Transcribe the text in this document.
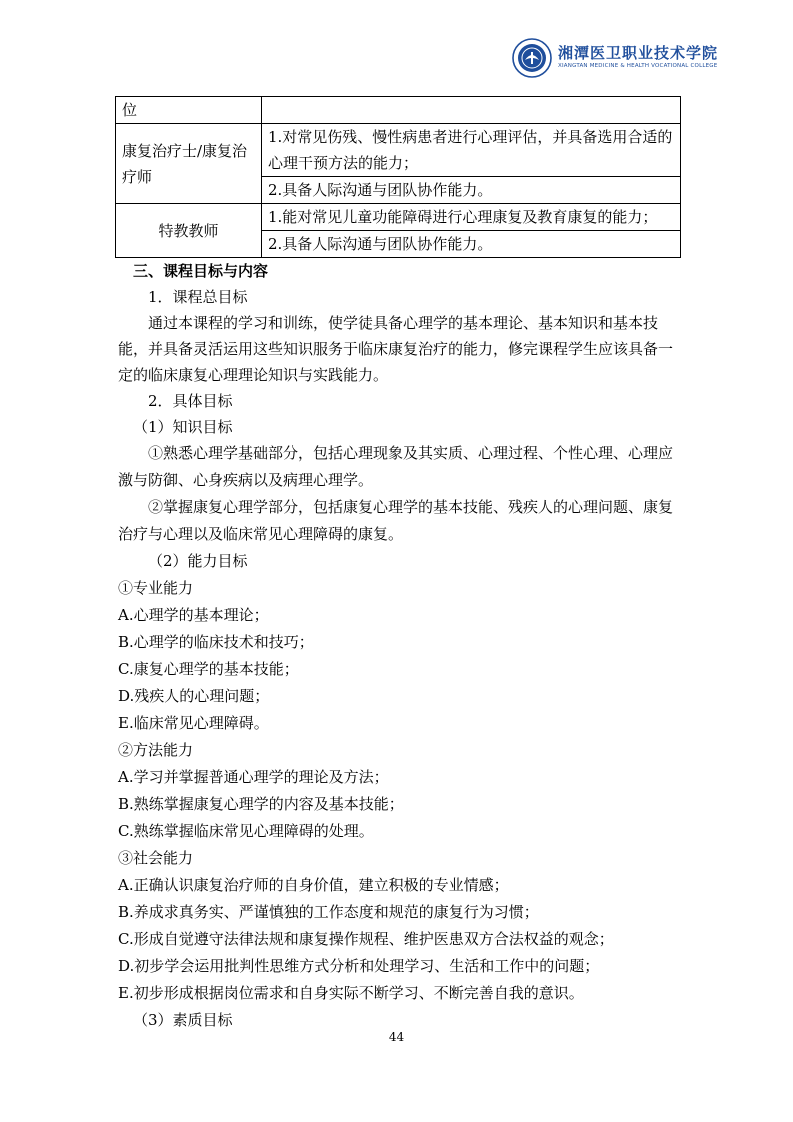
湘潭医卫职业技术学院
XIANGTAN MEDICINE & HEALTH VOCATIONAL COLLEGE
位	
康复治疗士/康复治疗师	1.对常见伤残、慢性病患者进行心理评估，并具备选用合适的心理干预方法的能力；
	2.具备人际沟通与团队协作能力。
特教教师	1.能对常见儿童功能障碍进行心理康复及教育康复的能力；
	2.具备人际沟通与团队协作能力。

三、课程目标与内容

1．课程总目标

通过本课程的学习和训练，使学徒具备心理学的基本理论、基本知识和基本技能，并具备灵活运用这些知识服务于临床康复治疗的能力，修完课程学生应该具备一定的临床康复心理理论知识与实践能力。

2．具体目标

（1）知识目标

①熟悉心理学基础部分，包括心理现象及其实质、心理过程、个性心理、心理应激与防御、心身疾病以及病理心理学。

②掌握康复心理学部分，包括康复心理学的基本技能、残疾人的心理问题、康复治疗与心理以及临床常见心理障碍的康复。

（2）能力目标

①专业能力

A.心理学的基本理论；

B.心理学的临床技术和技巧；

C.康复心理学的基本技能；

D.残疾人的心理问题；

E.临床常见心理障碍。

②方法能力

A.学习并掌握普通心理学的理论及方法；

B.熟练掌握康复心理学的内容及基本技能；

C.熟练掌握临床常见心理障碍的处理。

③社会能力

A.正确认识康复治疗师的自身价值，建立积极的专业情感；

B.养成求真务实、严谨慎独的工作态度和规范的康复行为习惯；

C.形成自觉遵守法律法规和康复操作规程、维护医患双方合法权益的观念；

D.初步学会运用批判性思维方式分析和处理学习、生活和工作中的问题；

E.初步形成根据岗位需求和自身实际不断学习、不断完善自我的意识。

（3）素质目标

44
